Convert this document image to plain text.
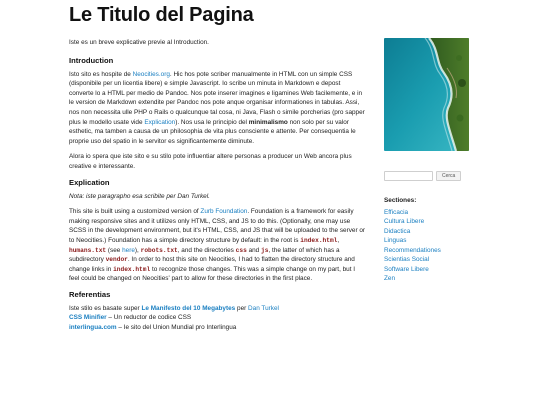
Le Titulo del Pagina

Iste es un breve explicative previe al Introduction.

Introduction

Isto sito es hospite de Neocities.org. Hic hos pote scriber manualmente in HTML con un simple CSS (disponibile per un licentia libere) e simple Javascript. Io scribe un minuta in Markdown e depost converte lo a HTML per medio de Pandoc. Nos pote inserer imagines e ligamines Web facilemente, e in le version de Markdown extendite per Pandoc nos pote anque organisar informationes in tabulas. Assi, nos non necessita ulle PHP o Rails o qualcunque tal cosa, ni Java, Flash o simile porcherias (pro sapper plus le modello usate vide Explication). Nos usa le principio del minimalismo non solo per su valor esthetic, ma tamben a causa de un philosophia de vita plus consciente e attente. Per consequentia le proprie uso del spatio in le servitor es significantemente diminute.

Alora io spera que iste sito e su stilo pote influentiar altere personas a producer un Web ancora plus creative e interessante.

Explication

Nota: iste paragrapho esa scribite per Dan Turkel.

This site is built using a customized version of Zurb Foundation. Foundation is a framework for easily making responsive sites and it utilizes only HTML, CSS, and JS to do this. (Optionally, one may use SCSS in the development environment, but it's HTML, CSS, and JS that will be uploaded to the server or to Neocities.) Foundation has a simple directory structure by default: in the root is index.html, humans.txt (see here), robots.txt, and the directories css and js, the latter of which has a subdirectory vendor. In order to host this site on Neocities, I had to flatten the directory structure and change links in index.html to recognize those changes. This was a simple change on my part, but I feel could be changed on Neocities' part to allow for these directories in the first place.

Referentias

Iste stilo es basate super Le Manifesto del 10 Megabytes per Dan Turkel

CSS Minifier – Un reductor de codice CSS

interlingua.com – Ie sito del Union Mundial pro Interlingua

Cerca
Sectiones:
Efficacia
Cultura Libere
Didactica
Linguas
Recommendationes
Scientias Social
Software Libere
Zen
